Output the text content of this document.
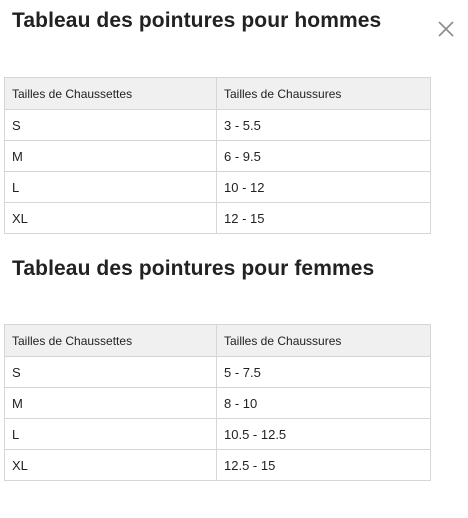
Tableau des pointures pour hommes
Tailles de Chaussettes	Tailles de Chaussures
S	3 - 5.5
M	6 - 9.5
L	10 - 12
XL	12 - 15
Tableau des pointures pour femmes
Tailles de Chaussettes	Tailles de Chaussures
S	5 - 7.5
M	8 - 10
L	10.5 - 12.5
XL	12.5 - 15
